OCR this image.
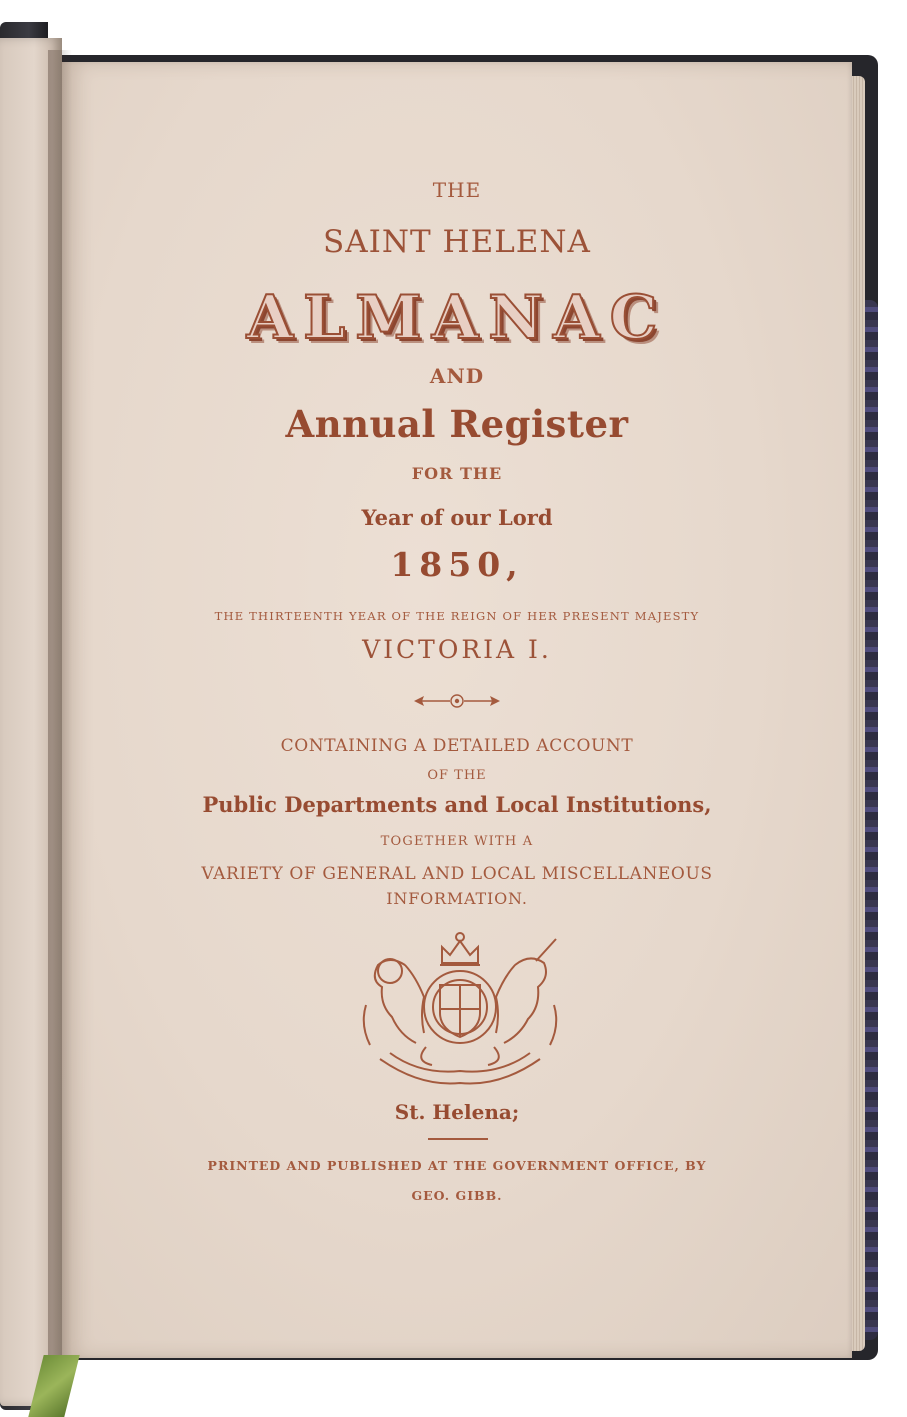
THE

SAINT HELENA

ALMANAC

AND

Annual Register

FOR THE

Year of our Lord

1850,

THE THIRTEENTH YEAR OF THE REIGN OF HER PRESENT MAJESTY

VICTORIA I.

CONTAINING A DETAILED ACCOUNT

OF THE

Public Departments and Local Institutions,

TOGETHER WITH A

VARIETY OF GENERAL AND LOCAL MISCELLANEOUS

INFORMATION.

St. Helena;

PRINTED AND PUBLISHED AT THE GOVERNMENT OFFICE, BY

GEO. GIBB.
